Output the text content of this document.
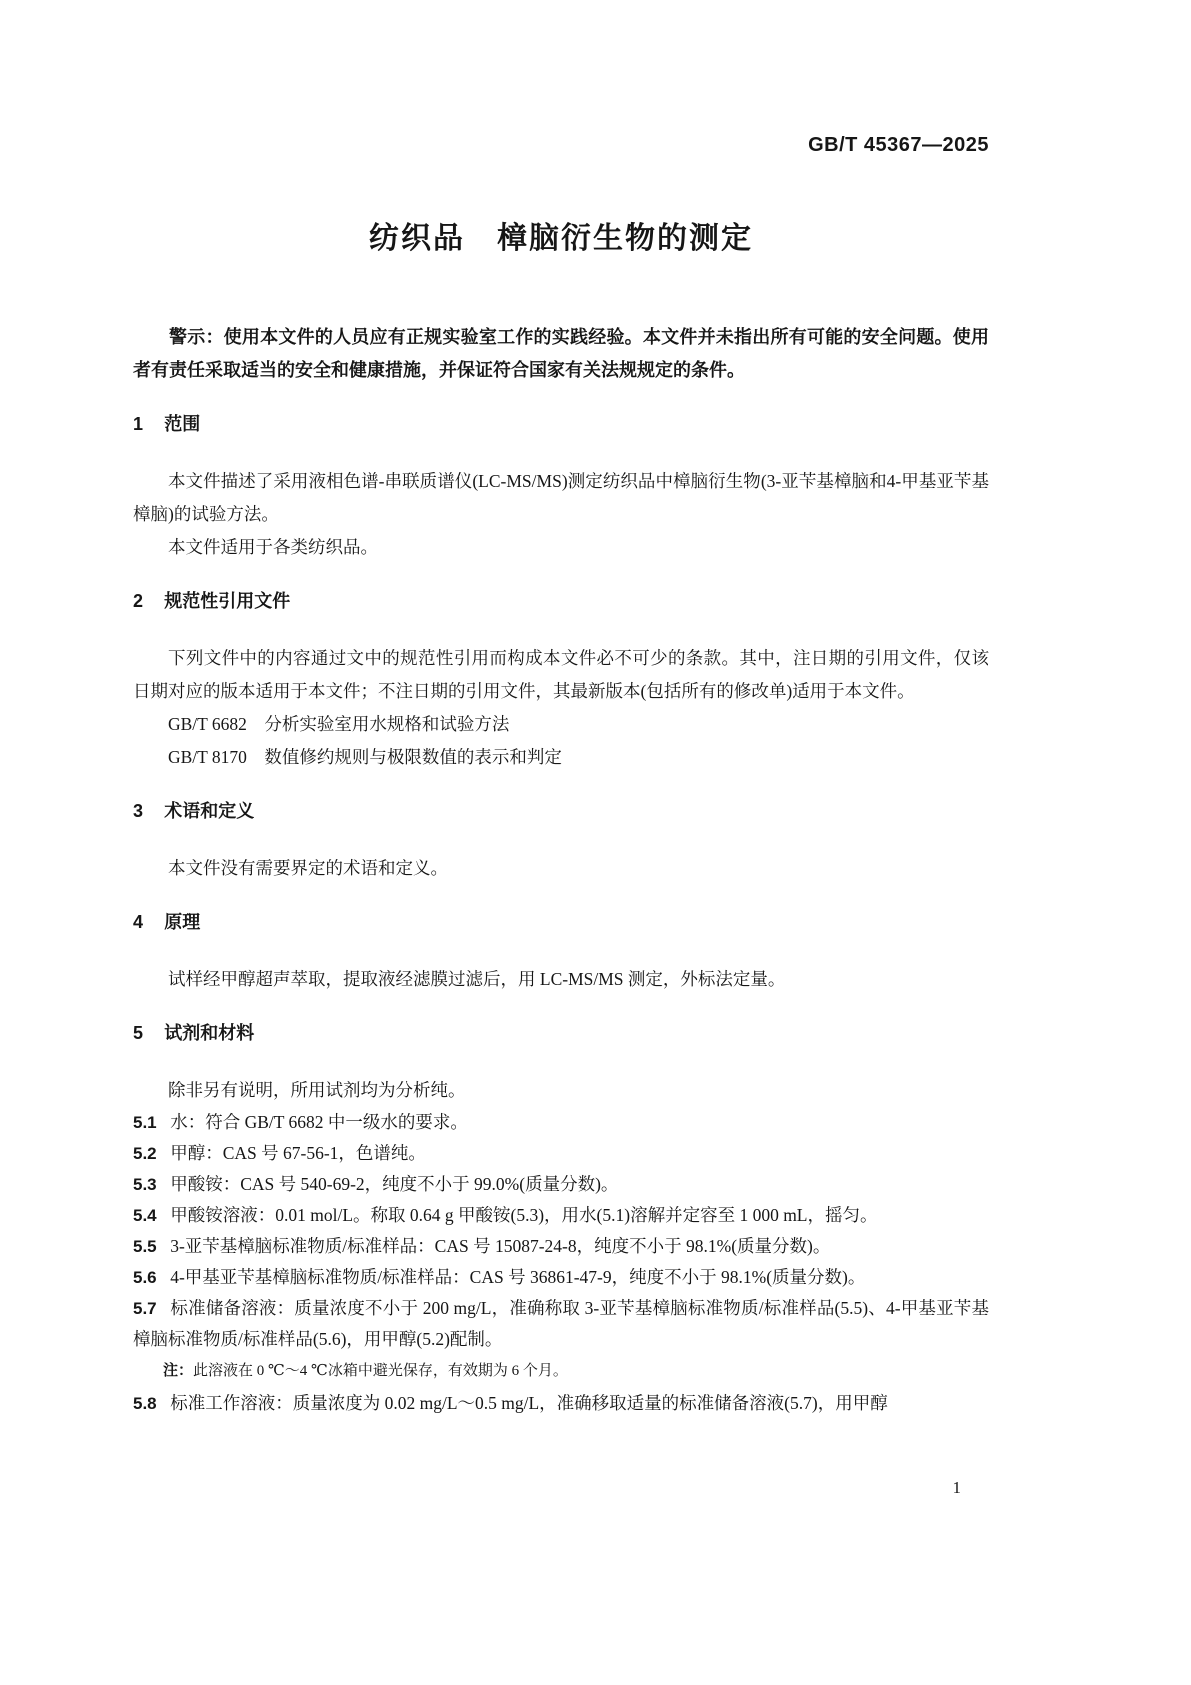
GB/T 45367—2025
纺织品　樟脑衍生物的测定

警示：使用本文件的人员应有正规实验室工作的实践经验。本文件并未指出所有可能的安全问题。使用者有责任采取适当的安全和健康措施，并保证符合国家有关法规规定的条件。

1 范围

本文件描述了采用液相色谱-串联质谱仪(LC-MS/MS)测定纺织品中樟脑衍生物(3-亚苄基樟脑和4-甲基亚苄基樟脑)的试验方法。

本文件适用于各类纺织品。

2 规范性引用文件

下列文件中的内容通过文中的规范性引用而构成本文件必不可少的条款。其中，注日期的引用文件，仅该日期对应的版本适用于本文件；不注日期的引用文件，其最新版本(包括所有的修改单)适用于本文件。

GB/T 6682 分析实验室用水规格和试验方法

GB/T 8170 数值修约规则与极限数值的表示和判定

3 术语和定义

本文件没有需要界定的术语和定义。

4 原理

试样经甲醇超声萃取，提取液经滤膜过滤后，用 LC-MS/MS 测定，外标法定量。

5 试剂和材料

除非另有说明，所用试剂均为分析纯。

5.1 水：符合 GB/T 6682 中一级水的要求。

5.2 甲醇：CAS 号 67-56-1，色谱纯。

5.3 甲酸铵：CAS 号 540-69-2，纯度不小于 99.0%(质量分数)。

5.4 甲酸铵溶液：0.01 mol/L。称取 0.64 g 甲酸铵(5.3)，用水(5.1)溶解并定容至 1 000 mL，摇匀。

5.5 3-亚苄基樟脑标准物质/标准样品：CAS 号 15087-24-8，纯度不小于 98.1%(质量分数)。

5.6 4-甲基亚苄基樟脑标准物质/标准样品：CAS 号 36861-47-9，纯度不小于 98.1%(质量分数)。

5.7 标准储备溶液：质量浓度不小于 200 mg/L，准确称取 3-亚苄基樟脑标准物质/标准样品(5.5)、4-甲基亚苄基樟脑标准物质/标准样品(5.6)，用甲醇(5.2)配制。

注：此溶液在 0 ℃～4 ℃冰箱中避光保存，有效期为 6 个月。

5.8 标准工作溶液：质量浓度为 0.02 mg/L～0.5 mg/L，准确移取适量的标准储备溶液(5.7)，用甲醇

1
